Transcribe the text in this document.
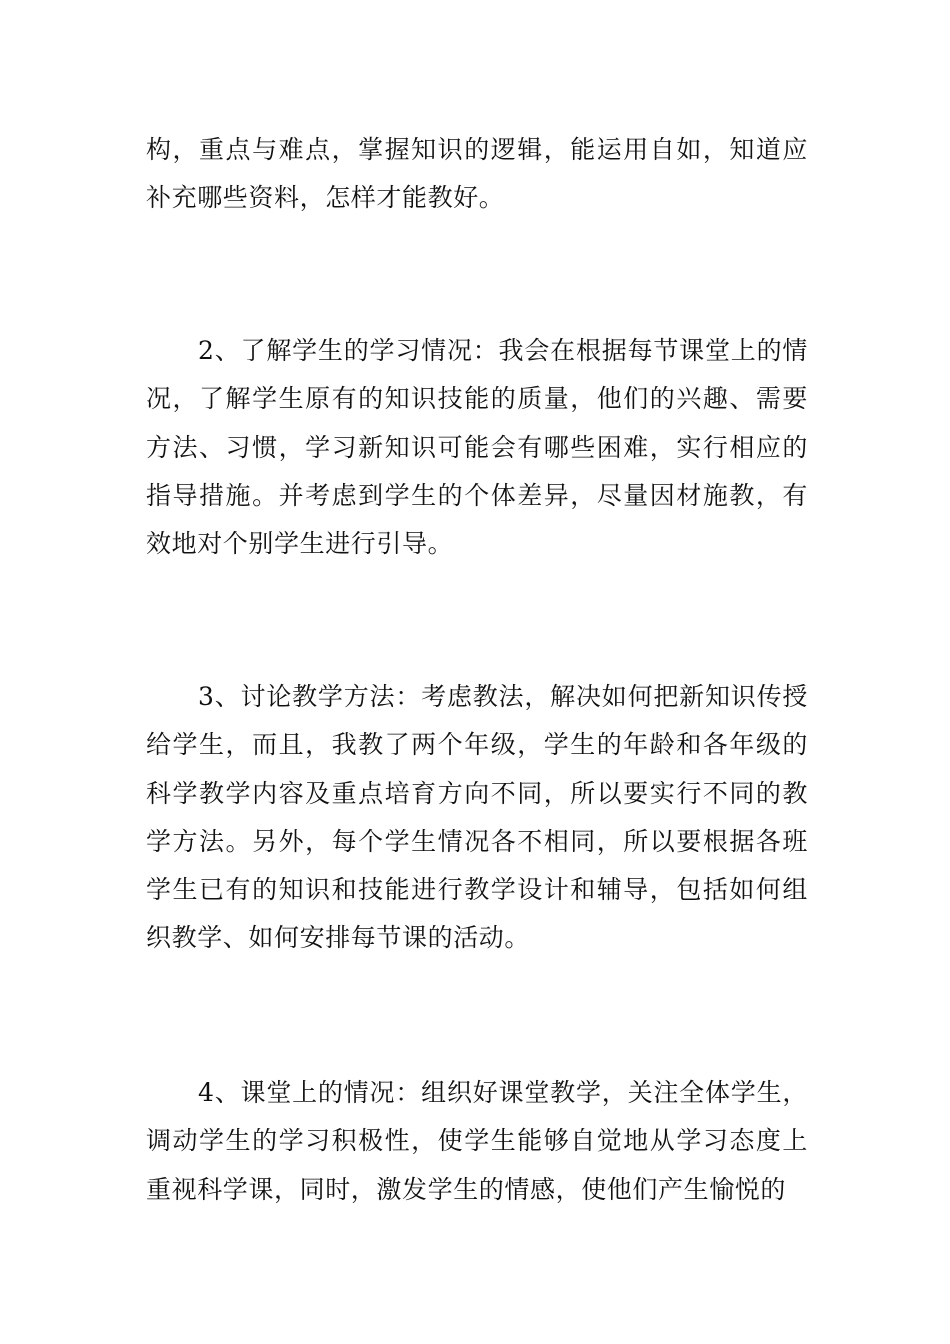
构，重点与难点，掌握知识的逻辑，能运用自如，知道应补充哪些资料，怎样才能教好。

2、了解学生的学习情况：我会在根据每节课堂上的情况，了解学生原有的知识技能的质量，他们的兴趣、需要方法、习惯，学习新知识可能会有哪些困难，实行相应的指导措施。并考虑到学生的个体差异，尽量因材施教，有效地对个别学生进行引导。

3、讨论教学方法：考虑教法，解决如何把新知识传授给学生，而且，我教了两个年级，学生的年龄和各年级的科学教学内容及重点培育方向不同，所以要实行不同的教学方法。另外，每个学生情况各不相同，所以要根据各班学生已有的知识和技能进行教学设计和辅导，包括如何组织教学、如何安排每节课的活动。

4、课堂上的情况：组织好课堂教学，关注全体学生，调动学生的学习积极性，使学生能够自觉地从学习态度上重视科学课，同时，激发学生的情感，使他们产生愉悦的
